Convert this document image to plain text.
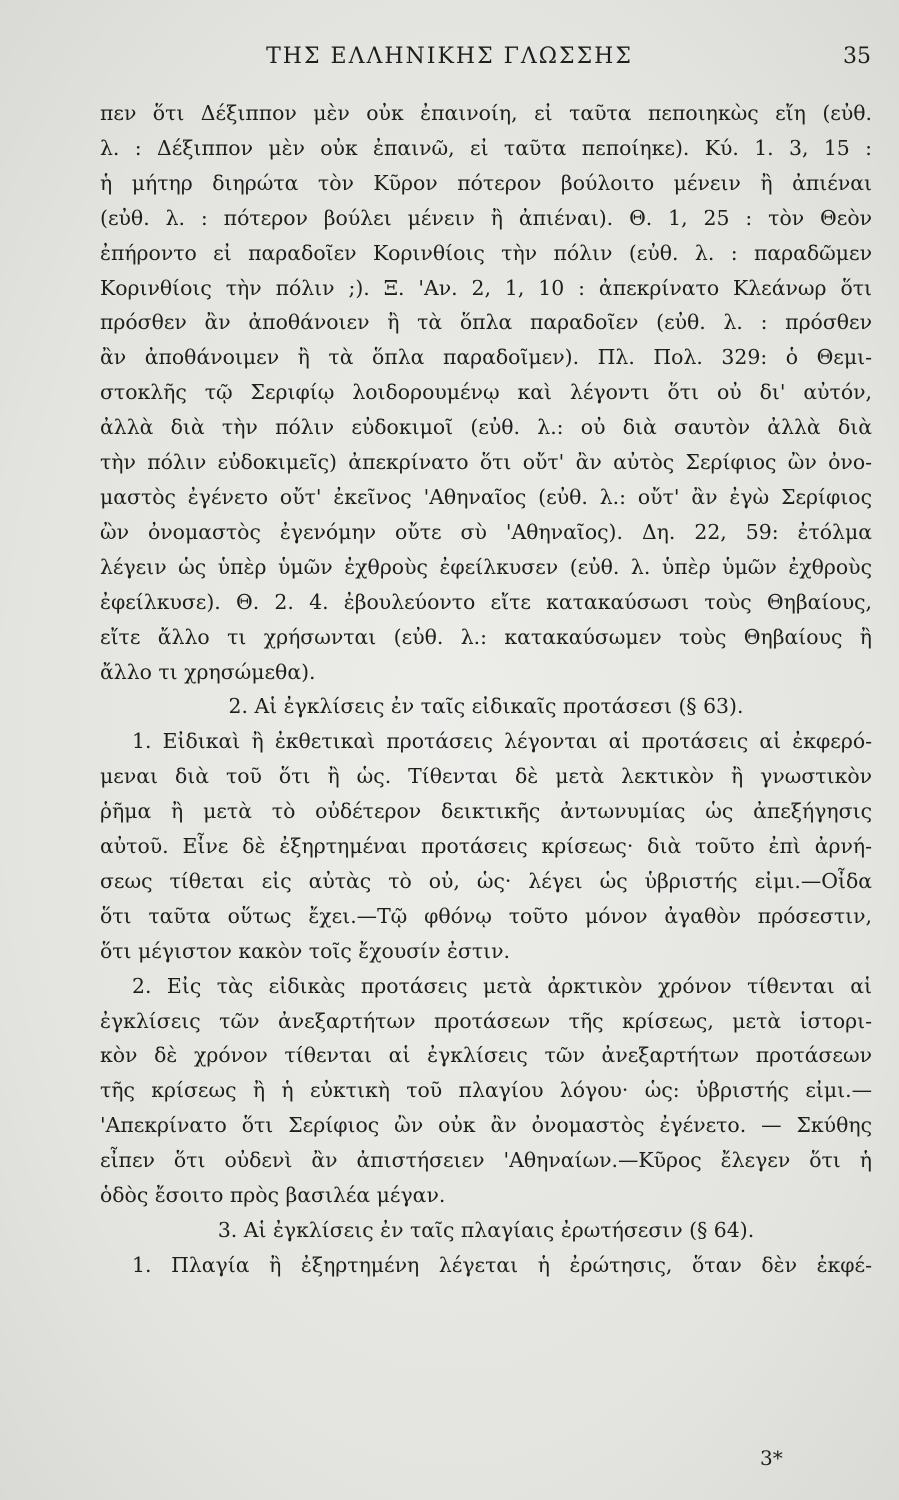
ΤΗΣ ΕΛΛΗΝΙΚΗΣ ΓΛΩΣΣΗΣ	35
πεν ὅτι Δέξιππον μὲν οὐκ ἐπαινοίη, εἰ ταῦτα πεποιηκὼς εἴη (εὐθ.
λ. : Δέξιππον μὲν οὐκ ἐπαινῶ, εἰ ταῦτα πεποίηκε). Κύ. 1. 3, 15 :
ἡ μήτηρ διηρώτα τὸν Κῦρον πότερον βούλοιτο μένειν ἢ ἀπιέναι
(εὐθ. λ. : πότερον βούλει μένειν ἢ ἀπιέναι). Θ. 1, 25 : τὸν Θεὸν
ἐπήροντο εἰ παραδοῖεν Κορινθίοις τὴν πόλιν (εὐθ. λ. : παραδῶμεν
Κορινθίοις τὴν πόλιν ;). Ξ. 'Αν. 2, 1, 10 : ἀπεκρίνατο Κλεάνωρ ὅτι
πρόσθεν ἂν ἀποθάνοιεν ἢ τὰ ὅπλα παραδοῖεν (εὐθ. λ. : πρόσθεν
ἂν ἀποθάνοιμεν ἢ τὰ ὅπλα παραδοῖμεν). Πλ. Πολ. 329: ὁ Θεμι-
στοκλῆς τῷ Σεριφίῳ λοιδορουμένῳ καὶ λέγοντι ὅτι οὐ δι' αὐτόν,
ἀλλὰ διὰ τὴν πόλιν εὐδοκιμοῖ (εὐθ. λ.: οὐ διὰ σαυτὸν ἀλλὰ διὰ
τὴν πόλιν εὐδοκιμεῖς) ἀπεκρίνατο ὅτι οὔτ' ἂν αὐτὸς Σερίφιος ὢν ὀνο-
μαστὸς ἐγένετο οὔτ' ἐκεῖνος 'Αθηναῖος (εὐθ. λ.: οὔτ' ἂν ἐγὼ Σερίφιος
ὢν ὀνομαστὸς ἐγενόμην οὔτε σὺ 'Αθηναῖος). Δη. 22, 59: ἐτόλμα
λέγειν ὡς ὑπὲρ ὑμῶν ἐχθροὺς ἐφείλκυσεν (εὐθ. λ. ὑπὲρ ὑμῶν ἐχθροὺς
ἐφείλκυσε). Θ. 2. 4. ἐβουλεύοντο εἴτε κατακαύσωσι τοὺς Θηβαίους,
εἴτε ἄλλο τι χρήσωνται (εὐθ. λ.: κατακαύσωμεν τοὺς Θηβαίους ἢ
ἄλλο τι χρησώμεθα).
2. Αἱ ἐγκλίσεις ἐν ταῖς εἰδικαῖς προτάσεσι (§ 63).
1. Εἰδικαὶ ἢ ἐκθετικαὶ προτάσεις λέγονται αἱ προτάσεις αἱ ἐκφερό-
μεναι διὰ τοῦ ὅτι ἢ ὡς. Τίθενται δὲ μετὰ λεκτικὸν ἢ γνωστικὸν
ῥῆμα ἢ μετὰ τὸ οὐδέτερον δεικτικῆς ἀντωνυμίας ὡς ἀπεξήγησις
αὐτοῦ. Εἶνε δὲ ἐξηρτημέναι προτάσεις κρίσεως· διὰ τοῦτο ἐπὶ ἀρνή-
σεως τίθεται εἰς αὐτὰς τὸ οὐ, ὡς· λέγει ὡς ὑβριστής εἰμι.—Οἶδα
ὅτι ταῦτα οὕτως ἔχει.—Τῷ φθόνῳ τοῦτο μόνον ἀγαθὸν πρόσεστιν,
ὅτι μέγιστον κακὸν τοῖς ἔχουσίν ἐστιν.
2. Εἰς τὰς εἰδικὰς προτάσεις μετὰ ἀρκτικὸν χρόνον τίθενται αἱ
ἐγκλίσεις τῶν ἀνεξαρτήτων προτάσεων τῆς κρίσεως, μετὰ ἱστορι-
κὸν δὲ χρόνον τίθενται αἱ ἐγκλίσεις τῶν ἀνεξαρτήτων προτάσεων
τῆς κρίσεως ἢ ἡ εὐκτικὴ τοῦ πλαγίου λόγου· ὡς: ὑβριστής εἰμι.—
'Απεκρίνατο ὅτι Σερίφιος ὢν οὐκ ἂν ὀνομαστὸς ἐγένετο. — Σκύθης
εἶπεν ὅτι οὐδενὶ ἂν ἀπιστήσειεν 'Αθηναίων.—Κῦρος ἔλεγεν ὅτι ἡ
ὁδὸς ἔσοιτο πρὸς βασιλέα μέγαν.
3. Αἱ ἐγκλίσεις ἐν ταῖς πλαγίαις ἐρωτήσεσιν (§ 64).
1. Πλαγία ἢ ἐξηρτημένη λέγεται ἡ ἐρώτησις, ὅταν δὲν ἐκφέ-
3*
